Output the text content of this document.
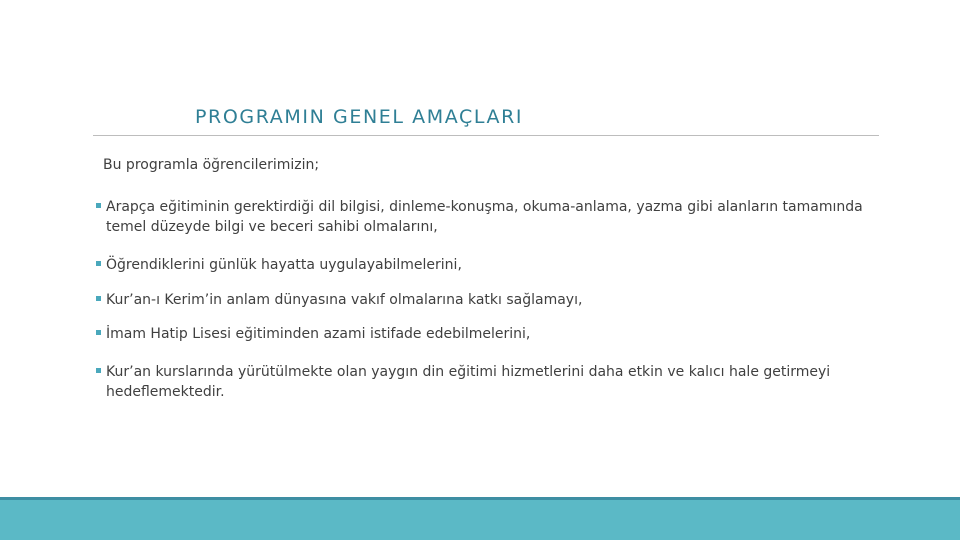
PROGRAMIN GENEL AMAÇLARI
Bu programla öğrencilerimizin;
Arapça eğitiminin gerektirdiği dil bilgisi, dinleme-konuşma, okuma-anlama, yazma gibi alanların tamamında temel düzeyde bilgi ve beceri sahibi olmalarını,
Öğrendiklerini günlük hayatta uygulayabilmelerini,
Kur’an-ı Kerim’in anlam dünyasına vakıf olmalarına katkı sağlamayı,
İmam Hatip Lisesi eğitiminden azami istifade edebilmelerini,
Kur’an kurslarında yürütülmekte olan yaygın din eğitimi hizmetlerini daha etkin ve kalıcı hale getirmeyi hedeflemektedir.
